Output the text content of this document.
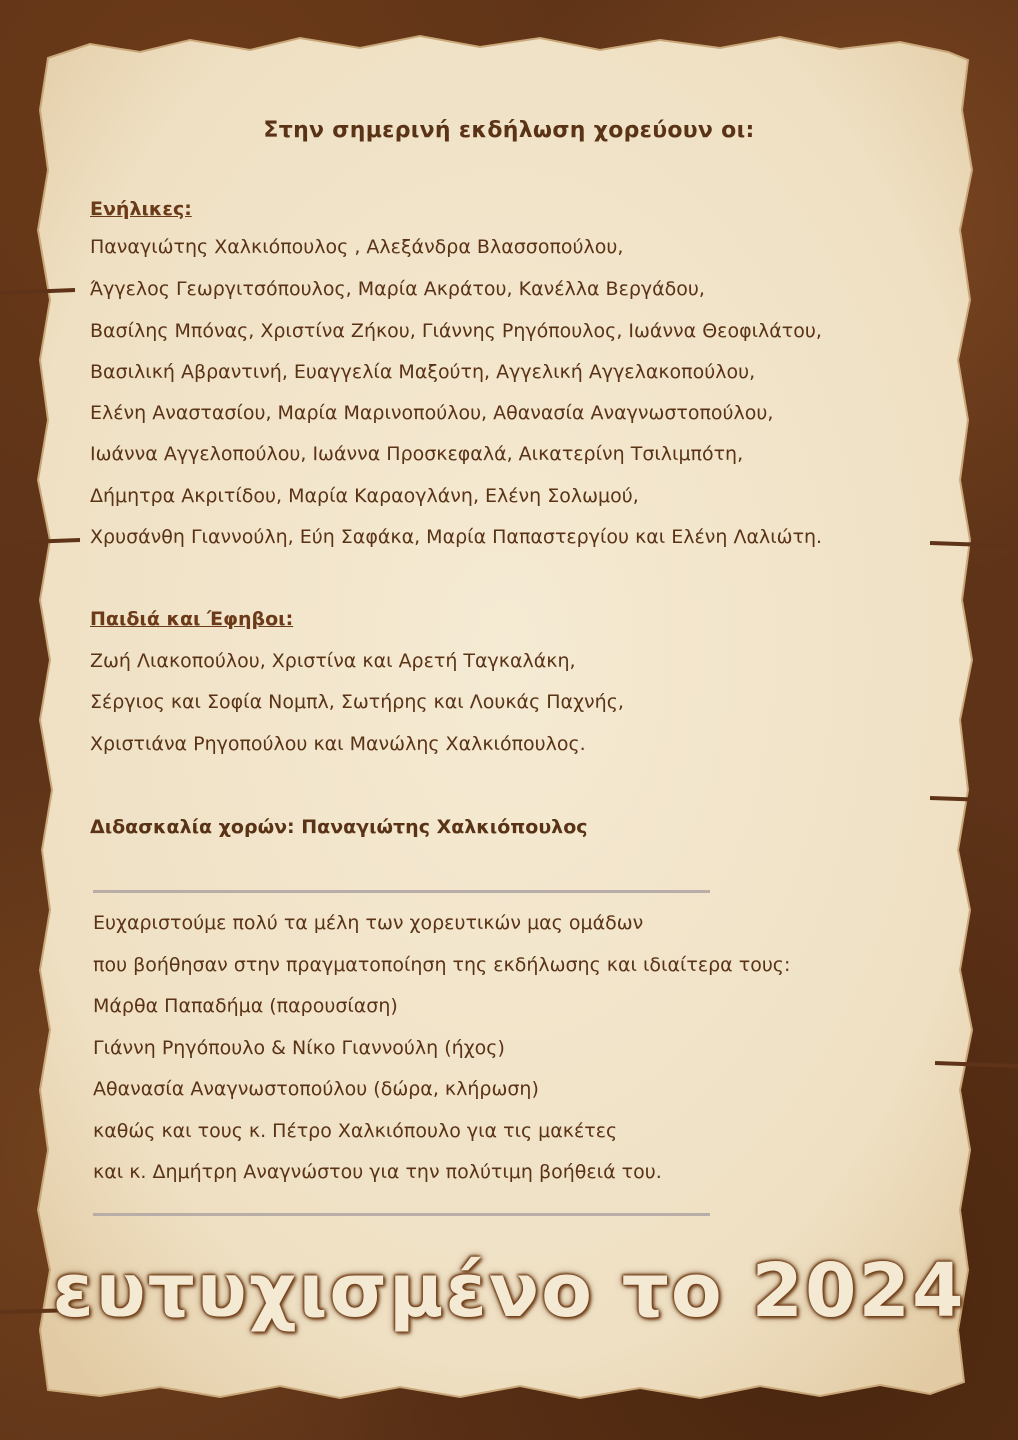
Στην σημερινή εκδήλωση χορεύουν οι:
Ενήλικες:
Παναγιώτης Χαλκιόπουλος , Αλεξάνδρα Βλασσοπούλου,
Άγγελος Γεωργιτσόπουλος, Μαρία Ακράτου, Κανέλλα Βεργάδου,
Βασίλης Μπόνας, Χριστίνα Ζήκου, Γιάννης Ρηγόπουλος, Ιωάννα Θεοφιλάτου,
Βασιλική Αβραντινή, Ευαγγελία Μαξούτη, Αγγελική Αγγελακοπούλου,
Ελένη Αναστασίου, Μαρία Μαρινοπούλου, Αθανασία Αναγνωστοπούλου,
Ιωάννα Αγγελοπούλου, Ιωάννα Προσκεφαλά, Αικατερίνη Τσιλιμπότη,
Δήμητρα Ακριτίδου, Μαρία Καραογλάνη, Ελένη Σολωμού,
Χρυσάνθη Γιαννούλη, Εύη Σαφάκα, Μαρία Παπαστεργίου και Ελένη Λαλιώτη.
Παιδιά και Έφηβοι:
Ζωή Λιακοπούλου, Χριστίνα και Αρετή Ταγκαλάκη,
Σέργιος και Σοφία Νομπλ, Σωτήρης και Λουκάς Παχνής,
Χριστιάνα Ρηγοπούλου και Μανώλης Χαλκιόπουλος.
Διδασκαλία χορών: Παναγιώτης Χαλκιόπουλος
Ευχαριστούμε πολύ τα μέλη των χορευτικών μας ομάδων
που βοήθησαν στην πραγματοποίηση της εκδήλωσης και ιδιαίτερα τους:
Μάρθα Παπαδήμα (παρουσίαση)
Γιάννη Ρηγόπουλο & Νίκο Γιαννούλη (ήχος)
Αθανασία Αναγνωστοπούλου (δώρα, κλήρωση)
καθώς και τους κ. Πέτρο Χαλκιόπουλο για τις μακέτες
και κ. Δημήτρη Αναγνώστου για την πολύτιμη βοήθειά του.
ευτυχισμένο το 2024
